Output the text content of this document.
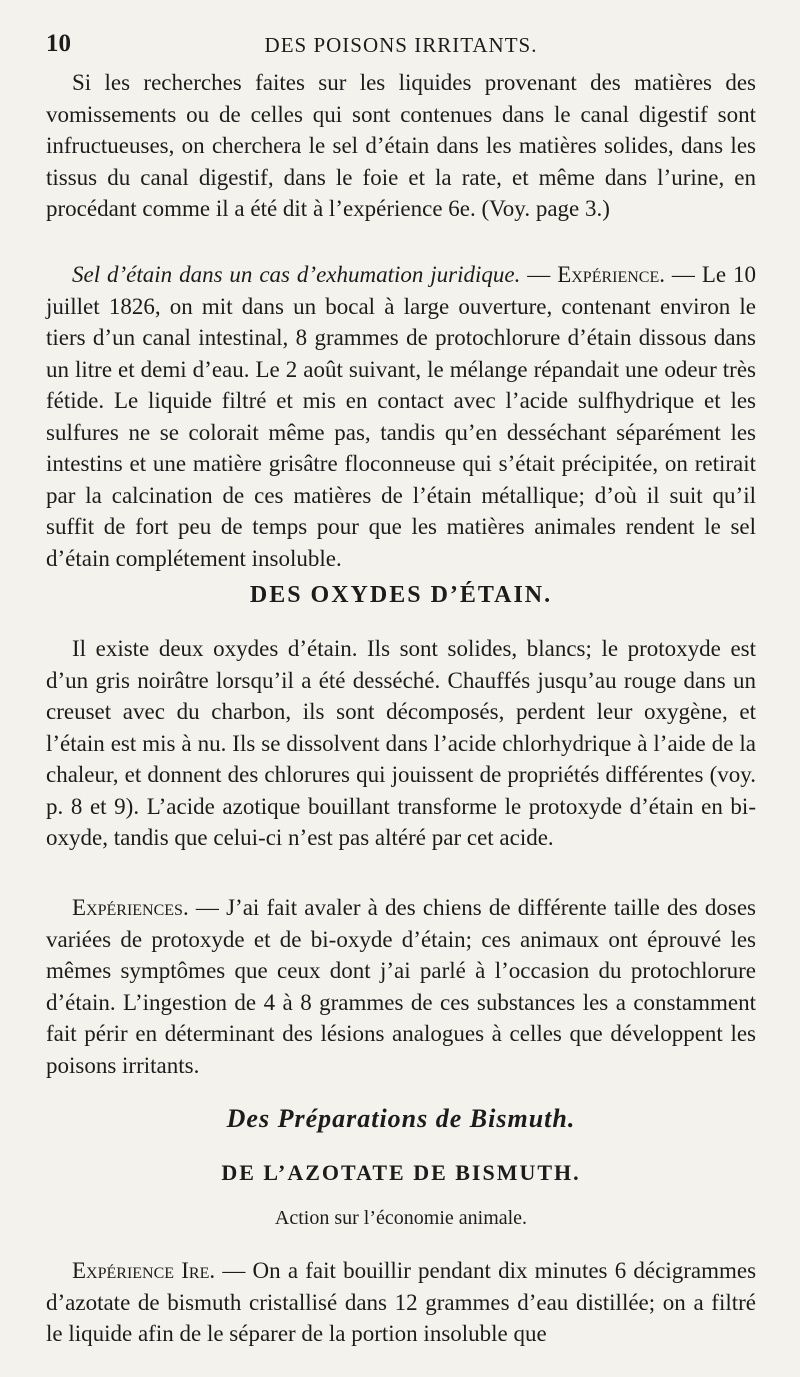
10	DES POISONS IRRITANTS.

Si les recherches faites sur les liquides provenant des matières des vomissements ou de celles qui sont contenues dans le canal digestif sont infructueuses, on cherchera le sel d’étain dans les matières solides, dans les tissus du canal digestif, dans le foie et la rate, et même dans l’urine, en procédant comme il a été dit à l’expérience 6e. (Voy. page 3.)

Sel d’étain dans un cas d’exhumation juridique. — Expérience. — Le 10 juillet 1826, on mit dans un bocal à large ouverture, contenant environ le tiers d’un canal intestinal, 8 grammes de protochlorure d’étain dissous dans un litre et demi d’eau. Le 2 août suivant, le mélange répandait une odeur très fétide. Le liquide filtré et mis en contact avec l’acide sulfhydrique et les sulfures ne se colorait même pas, tandis qu’en desséchant séparément les intestins et une matière grisâtre floconneuse qui s’était précipitée, on retirait par la calcination de ces matières de l’étain métallique; d’où il suit qu’il suffit de fort peu de temps pour que les matières animales rendent le sel d’étain complétement insoluble.

DES OXYDES D’ÉTAIN.

Il existe deux oxydes d’étain. Ils sont solides, blancs; le protoxyde est d’un gris noirâtre lorsqu’il a été desséché. Chauffés jusqu’au rouge dans un creuset avec du charbon, ils sont décomposés, perdent leur oxygène, et l’étain est mis à nu. Ils se dissolvent dans l’acide chlorhydrique à l’aide de la chaleur, et donnent des chlorures qui jouissent de propriétés différentes (voy. p. 8 et 9). L’acide azotique bouillant transforme le protoxyde d’étain en bi-oxyde, tandis que celui-ci n’est pas altéré par cet acide.

Expériences. — J’ai fait avaler à des chiens de différente taille des doses variées de protoxyde et de bi-oxyde d’étain; ces animaux ont éprouvé les mêmes symptômes que ceux dont j’ai parlé à l’occasion du protochlorure d’étain. L’ingestion de 4 à 8 grammes de ces substances les a constamment fait périr en déterminant des lésions analogues à celles que développent les poisons irritants.

Des Préparations de Bismuth.
DE L’AZOTATE DE BISMUTH.

Action sur l’économie animale.

Expérience Ire. — On a fait bouillir pendant dix minutes 6 décigrammes d’azotate de bismuth cristallisé dans 12 grammes d’eau distillée; on a filtré le liquide afin de le séparer de la portion insoluble que
